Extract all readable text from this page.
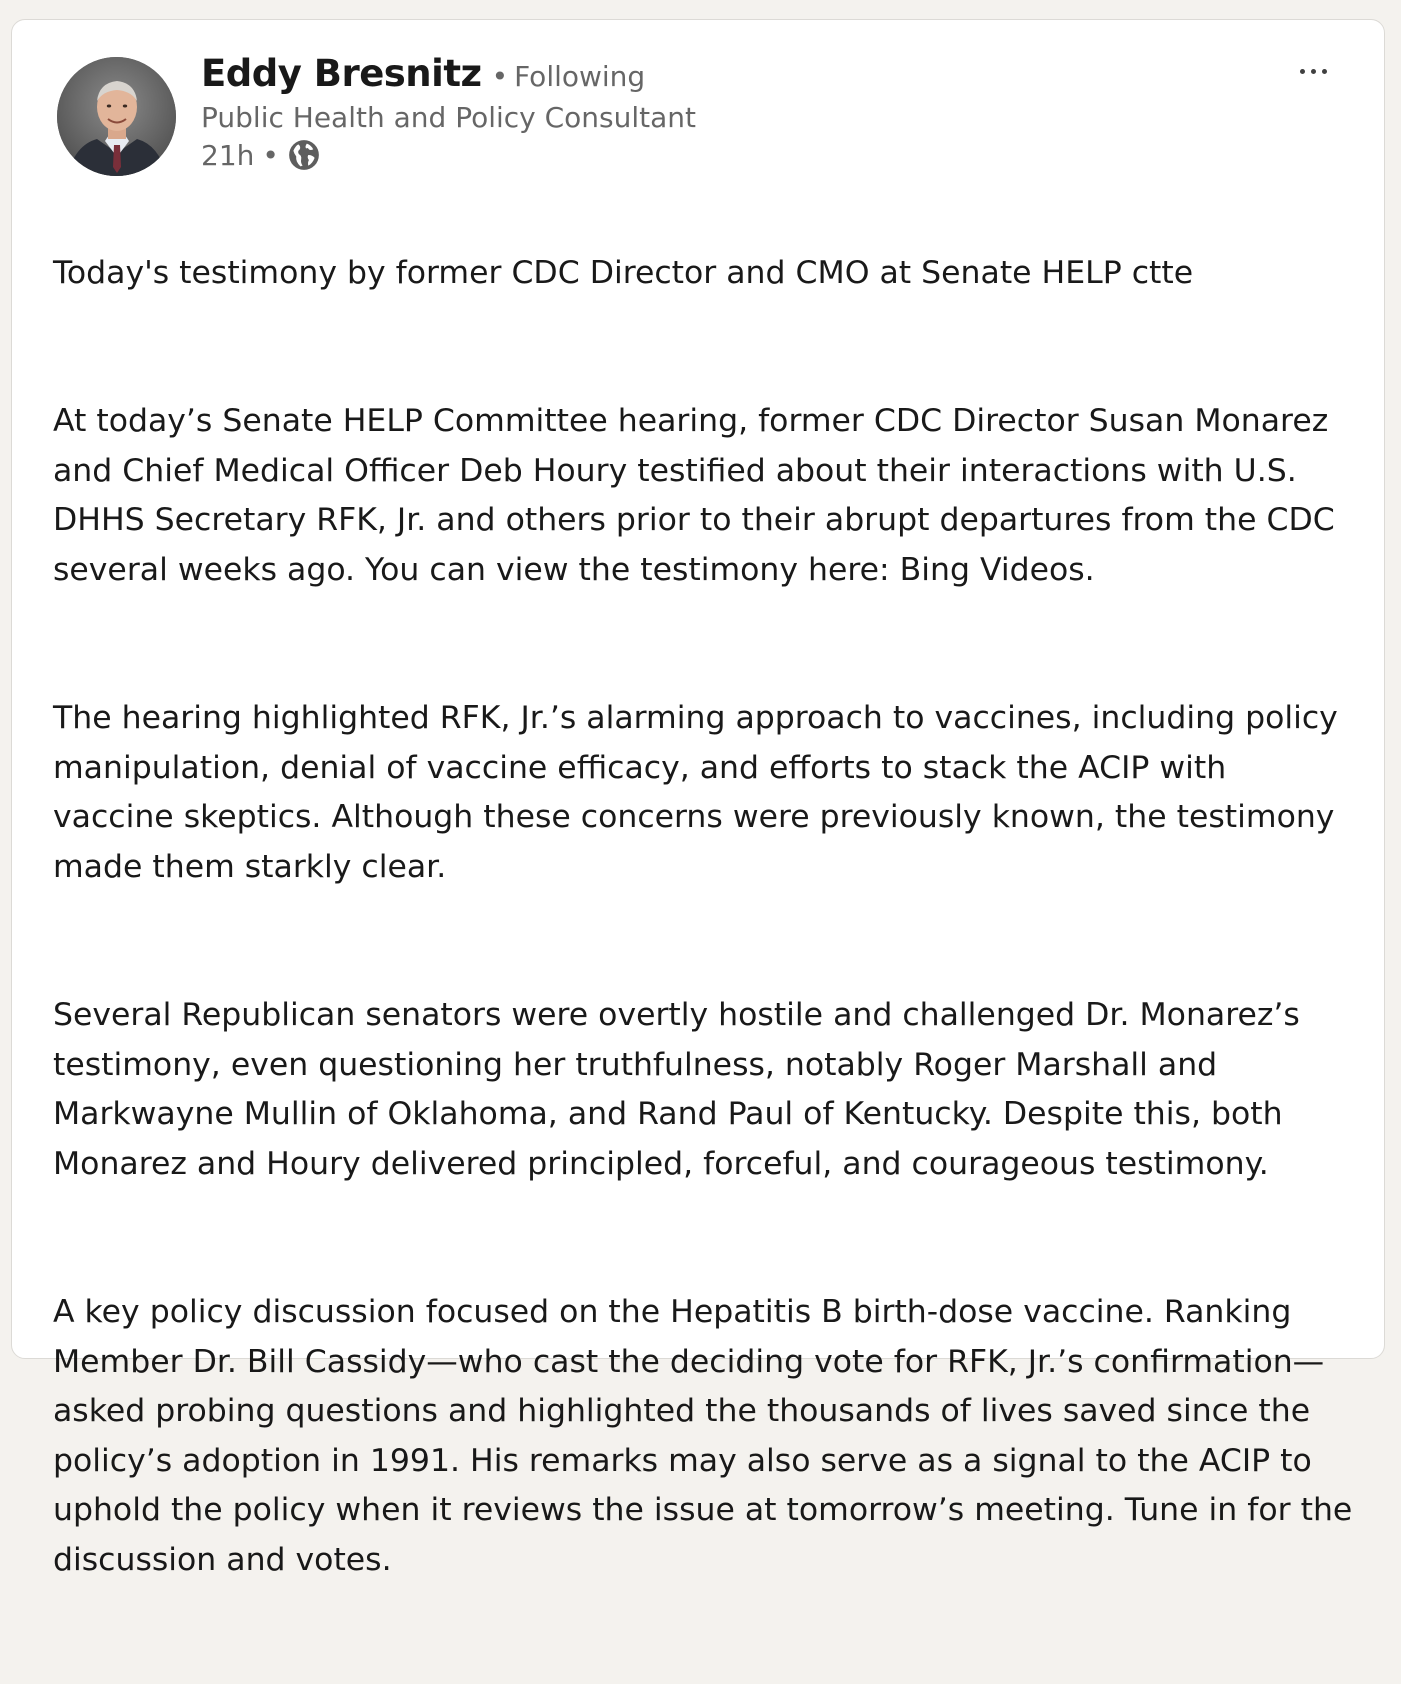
Eddy Bresnitz • Following
Public Health and Policy Consultant
21h •

Today's testimony by former CDC Director and CMO at Senate HELP ctte

At today’s Senate HELP Committee hearing, former CDC Director Susan Monarez and Chief Medical Officer Deb Houry testified about their interactions with U.S. DHHS Secretary RFK, Jr. and others prior to their abrupt departures from the CDC several weeks ago. You can view the testimony here: Bing Videos.

The hearing highlighted RFK, Jr.’s alarming approach to vaccines, including policy manipulation, denial of vaccine efficacy, and efforts to stack the ACIP with vaccine skeptics. Although these concerns were previously known, the testimony made them starkly clear.

Several Republican senators were overtly hostile and challenged Dr. Monarez’s testimony, even questioning her truthfulness, notably Roger Marshall and Markwayne Mullin of Oklahoma, and Rand Paul of Kentucky. Despite this, both Monarez and Houry delivered principled, forceful, and courageous testimony.

A key policy discussion focused on the Hepatitis B birth-dose vaccine. Ranking Member Dr. Bill Cassidy—who cast the deciding vote for RFK, Jr.’s confirmation—asked probing questions and highlighted the thousands of lives saved since the policy’s adoption in 1991. His remarks may also serve as a signal to the ACIP to uphold the policy when it reviews the issue at tomorrow’s meeting. Tune in for the discussion and votes.
